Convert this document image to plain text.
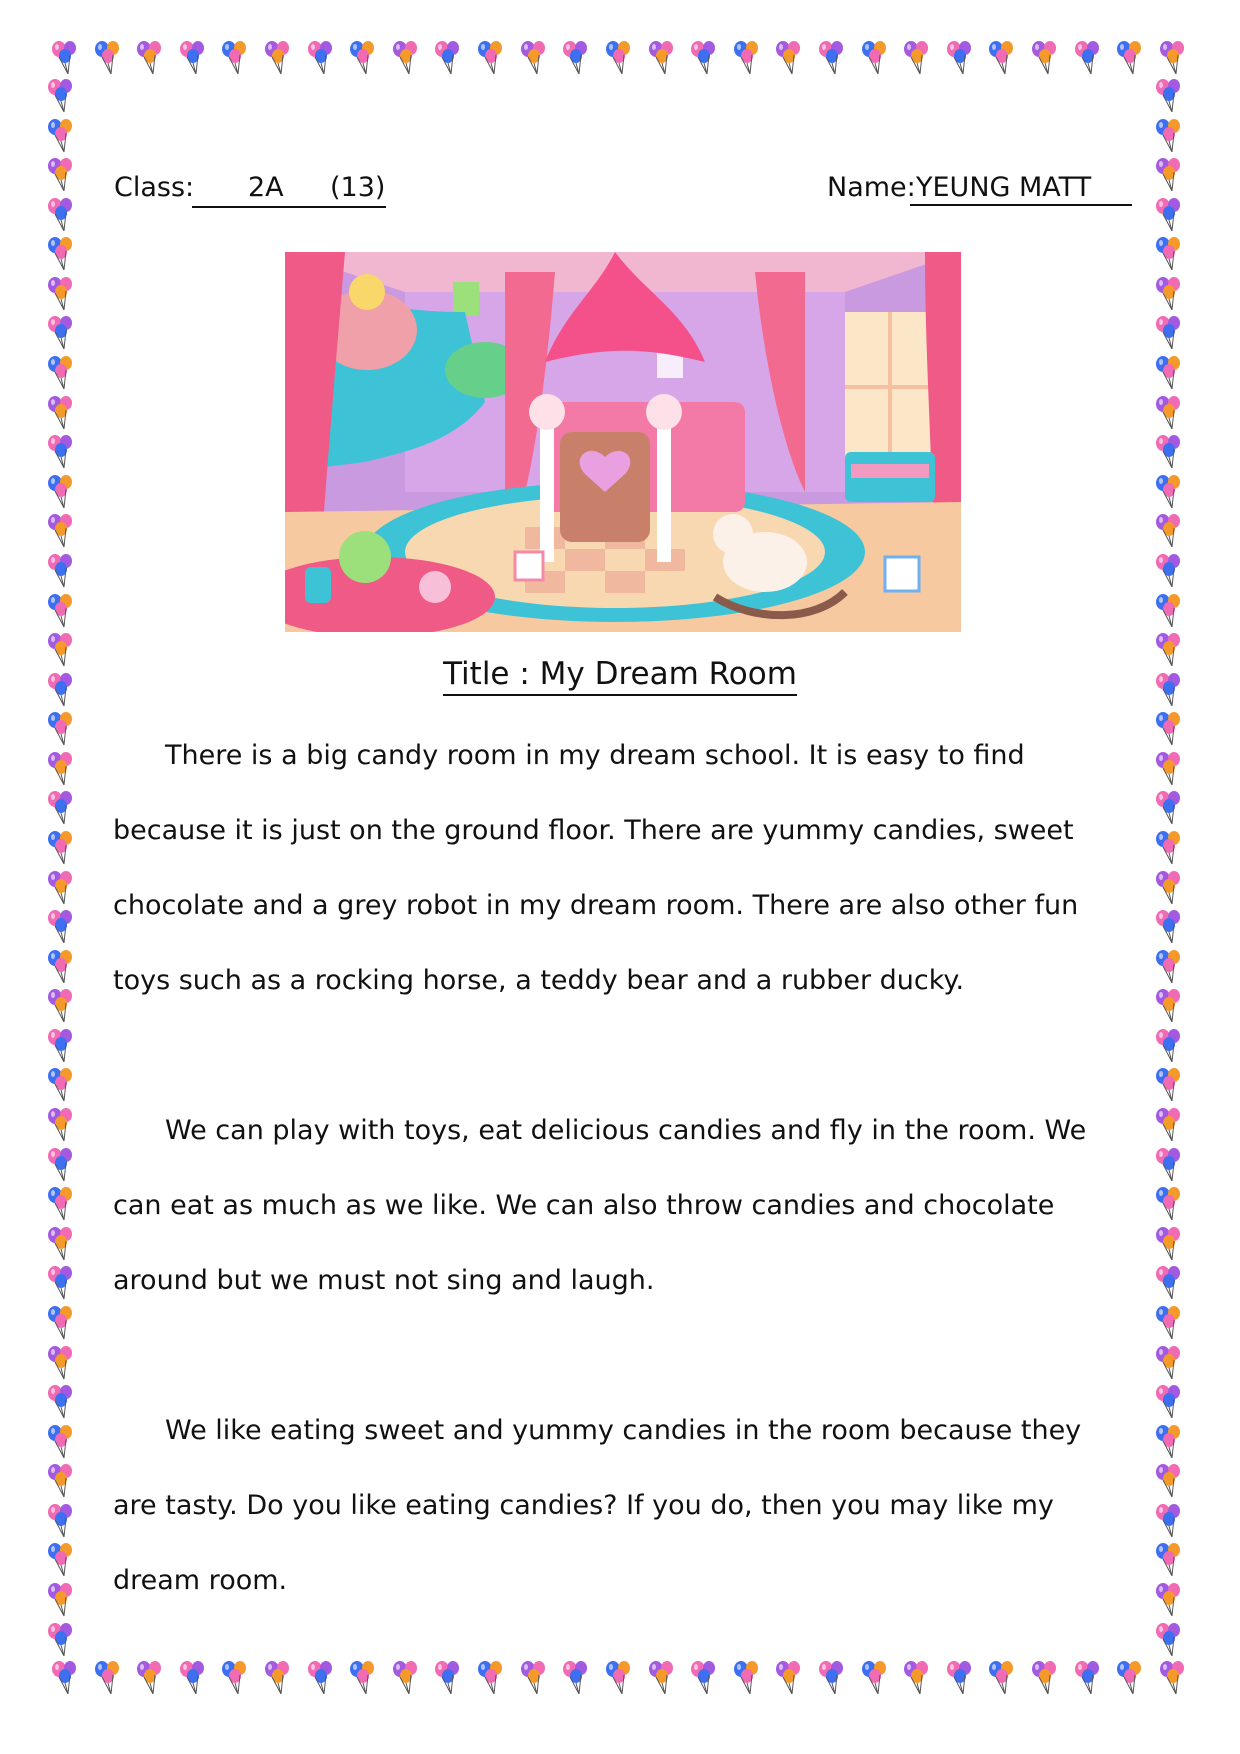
Class: 2A (13)	Name: YEUNG MATT
Title : My Dream Room

There is a big candy room in my dream school. It is easy to find because it is just on the ground floor. There are yummy candies, sweet chocolate and a grey robot in my dream room. There are also other fun toys such as a rocking horse, a teddy bear and a rubber ducky.

We can play with toys, eat delicious candies and fly in the room. We can eat as much as we like. We can also throw candies and chocolate around but we must not sing and laugh.

We like eating sweet and yummy candies in the room because they are tasty. Do you like eating candies? If you do, then you may like my dream room.
